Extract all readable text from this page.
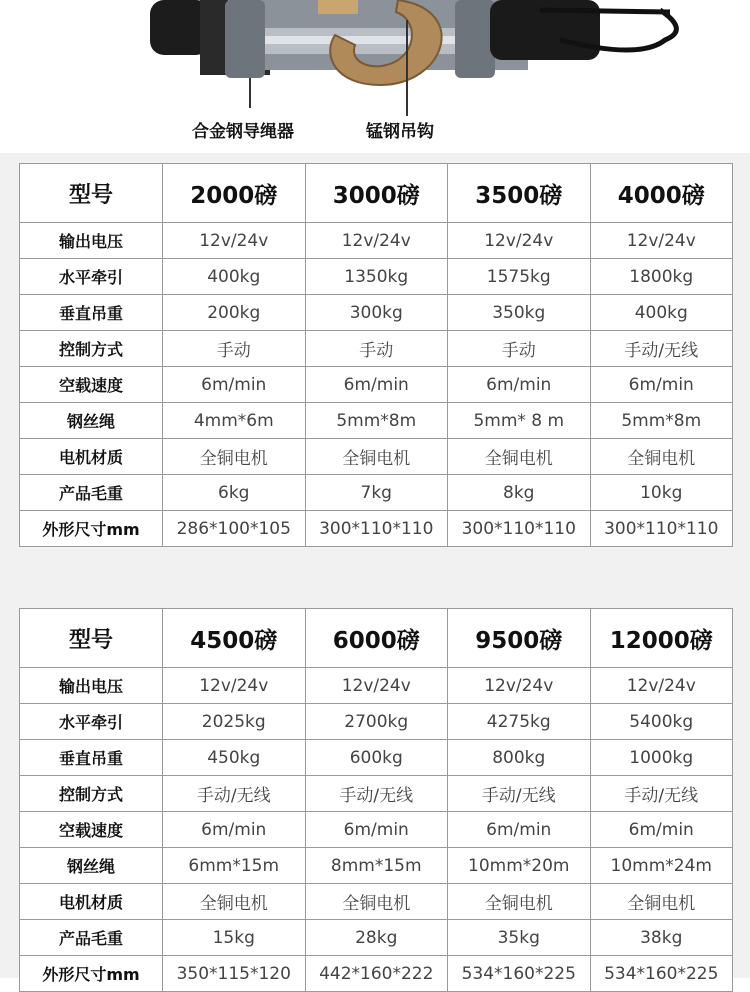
合金钢导绳器	锰钢吊钩
型号	2000磅	3000磅	3500磅	4000磅
输出电压	12v/24v	12v/24v	12v/24v	12v/24v
水平牵引	400kg	1350kg	1575kg	1800kg
垂直吊重	200kg	300kg	350kg	400kg
控制方式	手动	手动	手动	手动/无线
空载速度	6m/min	6m/min	6m/min	6m/min
钢丝绳	4mm*6m	5mm*8m	5mm* 8 m	5mm*8m
电机材质	全铜电机	全铜电机	全铜电机	全铜电机
产品毛重	6kg	7kg	8kg	10kg
外形尺寸mm	286*100*105	300*110*110	300*110*110	300*110*110
型号	4500磅	6000磅	9500磅	12000磅
输出电压	12v/24v	12v/24v	12v/24v	12v/24v
水平牵引	2025kg	2700kg	4275kg	5400kg
垂直吊重	450kg	600kg	800kg	1000kg
控制方式	手动/无线	手动/无线	手动/无线	手动/无线
空载速度	6m/min	6m/min	6m/min	6m/min
钢丝绳	6mm*15m	8mm*15m	10mm*20m	10mm*24m
电机材质	全铜电机	全铜电机	全铜电机	全铜电机
产品毛重	15kg	28kg	35kg	38kg
外形尺寸mm	350*115*120	442*160*222	534*160*225	534*160*225
